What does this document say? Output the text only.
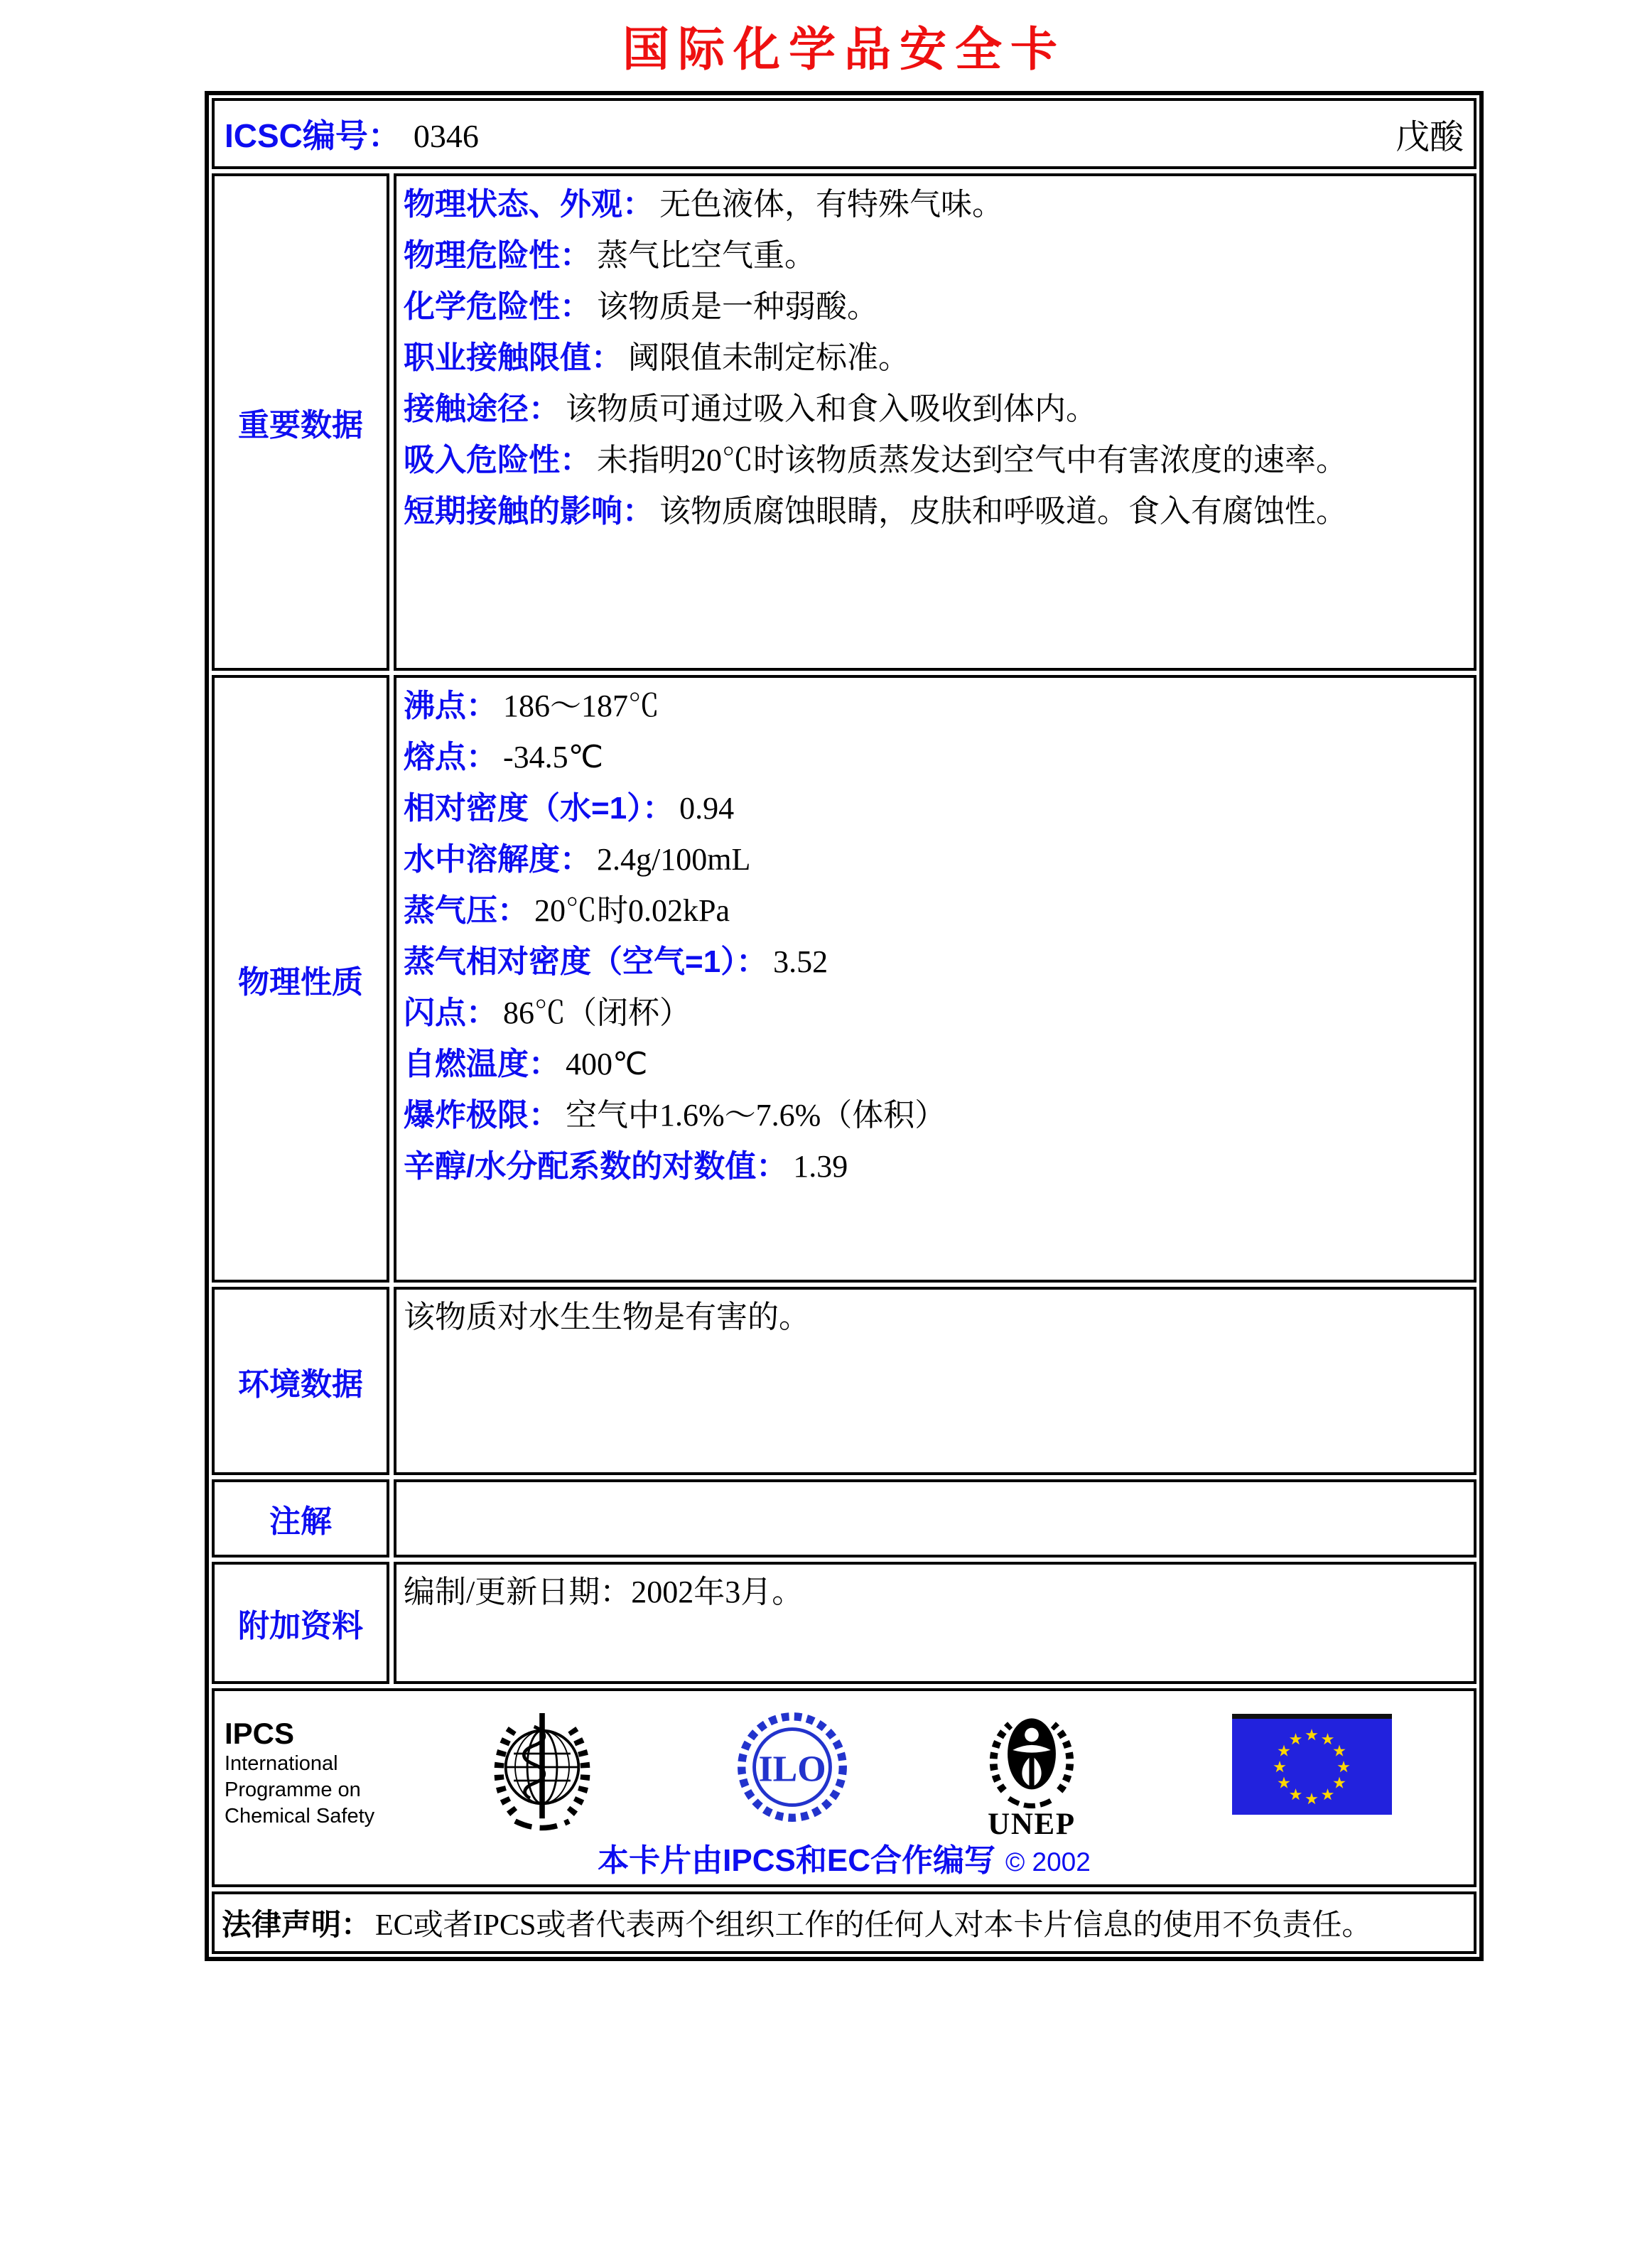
国际化学品安全卡
ICSC编号： 0346	戊酸
重要数据
物理状态、外观： 无色液体，有特殊气味。
物理危险性： 蒸气比空气重。
化学危险性： 该物质是一种弱酸。
职业接触限值： 阈限值未制定标准。
接触途径： 该物质可通过吸入和食入吸收到体内。
吸入危险性： 未指明20℃时该物质蒸发达到空气中有害浓度的速率。
短期接触的影响： 该物质腐蚀眼睛，皮肤和呼吸道。食入有腐蚀性。
物理性质
沸点： 186～187℃
熔点： -34.5℃
相对密度（水=1）： 0.94
水中溶解度： 2.4g/100mL
蒸气压： 20℃时0.02kPa
蒸气相对密度（空气=1）： 3.52
闪点： 86℃（闭杯）
自燃温度： 400℃
爆炸极限： 空气中1.6%～7.6%（体积）
辛醇/水分配系数的对数值： 1.39
环境数据
该物质对水生生物是有害的。
注解
附加资料
编制/更新日期：2002年3月。
IPCS
International
Programme on
Chemical Safety
ILO
UNEP
本卡片由IPCS和EC合作编写 © 2002
法律声明： EC或者IPCS或者代表两个组织工作的任何人对本卡片信息的使用不负责任。
